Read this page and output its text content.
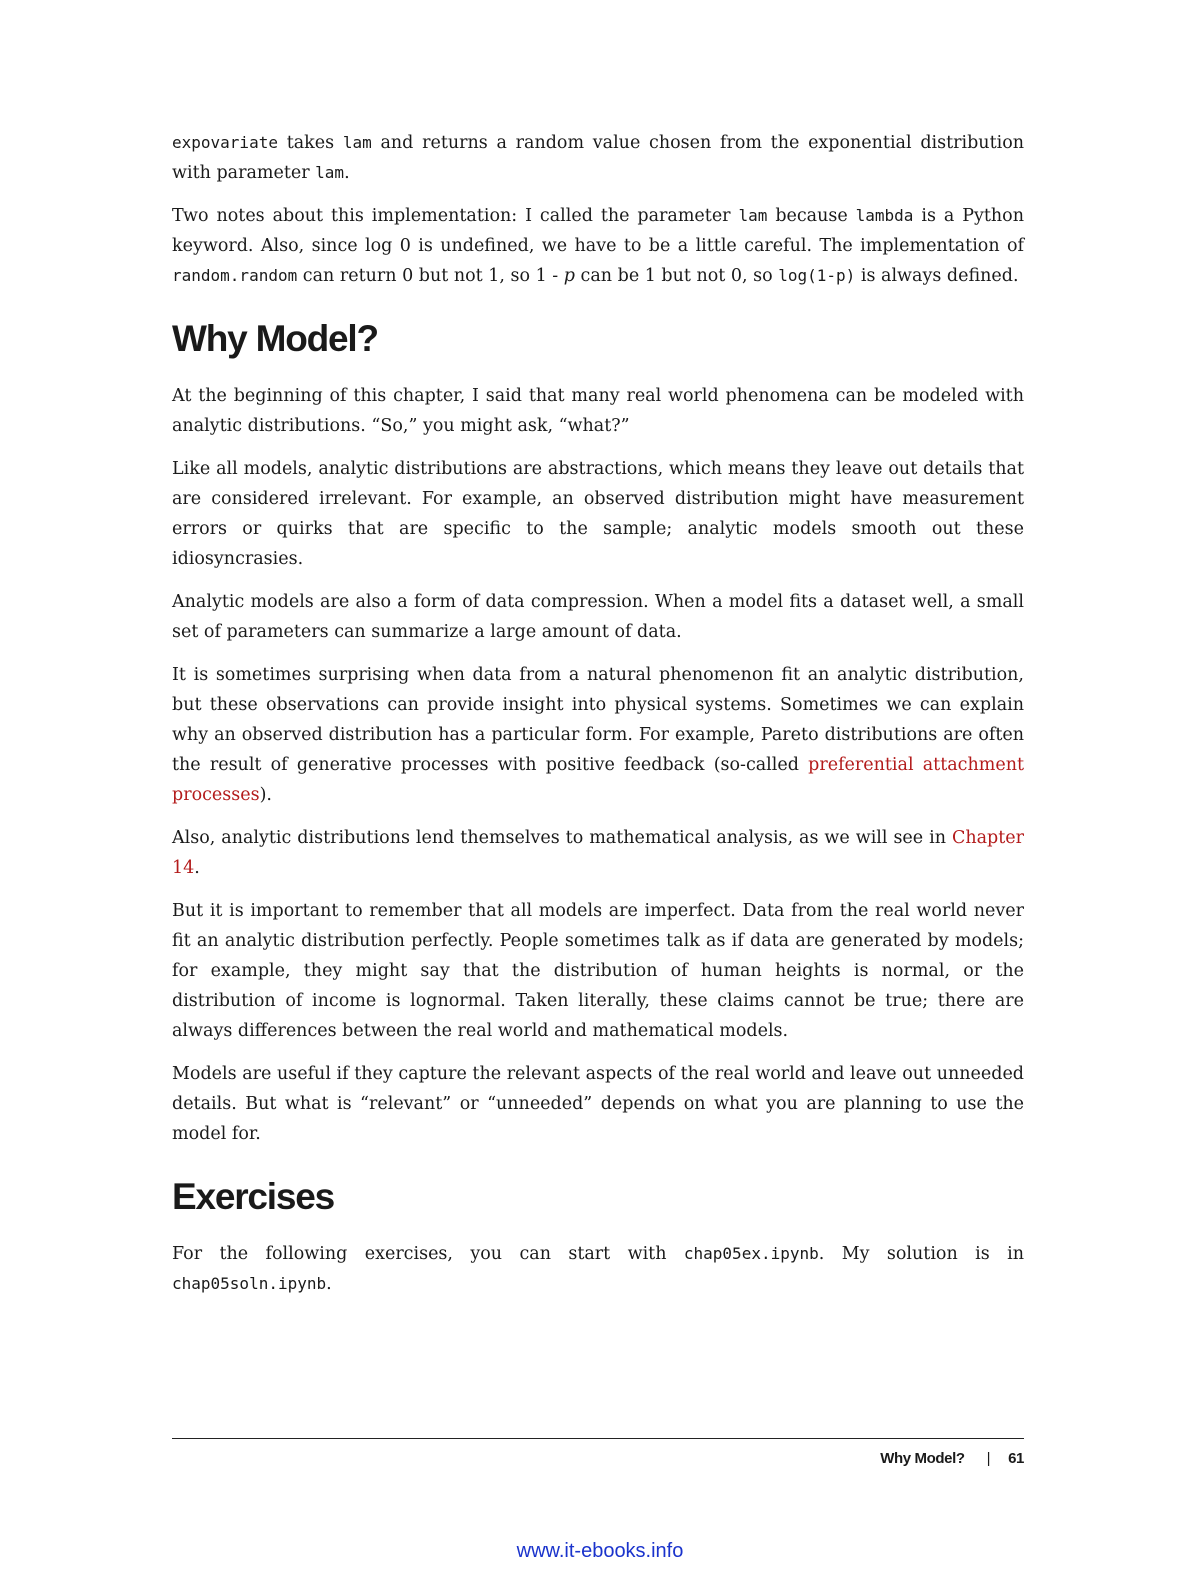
expovariate takes lam and returns a random value chosen from the exponential distribution with parameter lam.

Two notes about this implementation: I called the parameter lam because lambda is a Python keyword. Also, since log 0 is undefined, we have to be a little careful. The implementation of random.random can return 0 but not 1, so 1 - p can be 1 but not 0, so log(1-p) is always defined.

Why Model?

At the beginning of this chapter, I said that many real world phenomena can be modeled with analytic distributions. “So,” you might ask, “what?”

Like all models, analytic distributions are abstractions, which means they leave out details that are considered irrelevant. For example, an observed distribution might have measurement errors or quirks that are specific to the sample; analytic models smooth out these idiosyncrasies.

Analytic models are also a form of data compression. When a model fits a dataset well, a small set of parameters can summarize a large amount of data.

It is sometimes surprising when data from a natural phenomenon fit an analytic distribution, but these observations can provide insight into physical systems. Sometimes we can explain why an observed distribution has a particular form. For example, Pareto distributions are often the result of generative processes with positive feedback (so-called preferential attachment processes).

Also, analytic distributions lend themselves to mathematical analysis, as we will see in Chapter 14.

But it is important to remember that all models are imperfect. Data from the real world never fit an analytic distribution perfectly. People sometimes talk as if data are generated by models; for example, they might say that the distribution of human heights is normal, or the distribution of income is lognormal. Taken literally, these claims cannot be true; there are always differences between the real world and mathematical models.

Models are useful if they capture the relevant aspects of the real world and leave out unneeded details. But what is “relevant” or “unneeded” depends on what you are planning to use the model for.

Exercises

For the following exercises, you can start with chap05ex.ipynb. My solution is in chap05soln.ipynb.

Why Model? | 61
www.it-ebooks.info
